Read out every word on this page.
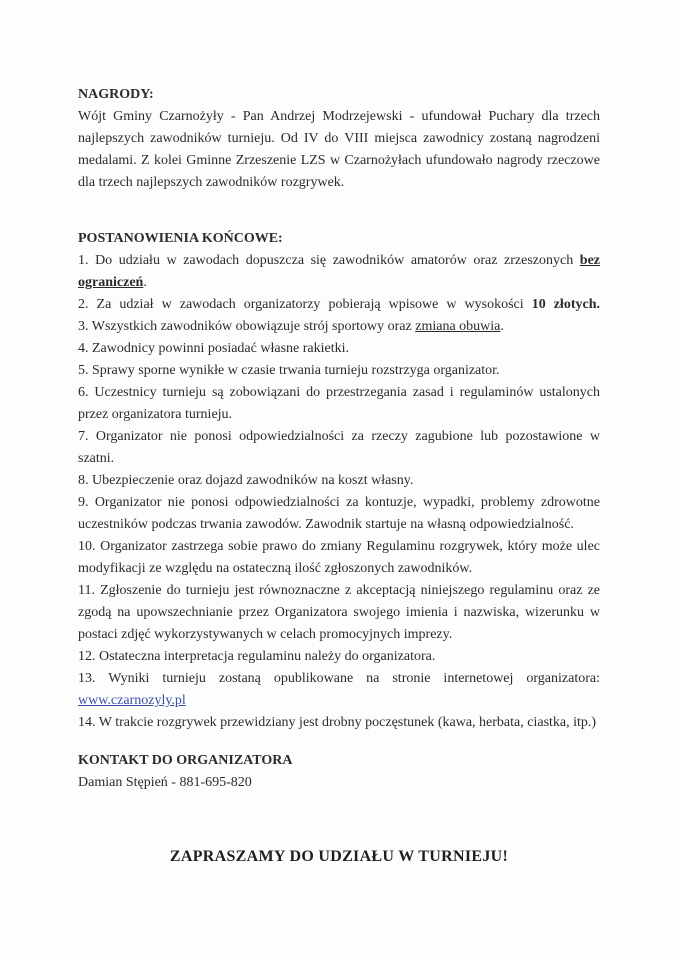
NAGRODY:

Wójt Gminy Czarnożyły - Pan Andrzej Modrzejewski - ufundował Puchary dla trzech najlepszych zawodników turnieju. Od IV do VIII miejsca zawodnicy zostaną nagrodzeni medalami. Z kolei Gminne Zrzeszenie LZS w Czarnożyłach ufundowało nagrody rzeczowe dla trzech najlepszych zawodników rozgrywek.

POSTANOWIENIA KOŃCOWE:

1. Do udziału w zawodach dopuszcza się zawodników amatorów oraz zrzeszonych bez ograniczeń.

2. Za udział w zawodach organizatorzy pobierają wpisowe w wysokości 10 złotych.

3. Wszystkich zawodników obowiązuje strój sportowy oraz zmiana obuwia.

4. Zawodnicy powinni posiadać własne rakietki.

5. Sprawy sporne wynikłe w czasie trwania turnieju rozstrzyga organizator.

6. Uczestnicy turnieju są zobowiązani do przestrzegania zasad i regulaminów ustalonych przez organizatora turnieju.

7. Organizator nie ponosi odpowiedzialności za rzeczy zagubione lub pozostawione w szatni.

8. Ubezpieczenie oraz dojazd zawodników na koszt własny.

9. Organizator nie ponosi odpowiedzialności za kontuzje, wypadki, problemy zdrowotne uczestników podczas trwania zawodów. Zawodnik startuje na własną odpowiedzialność.

10. Organizator zastrzega sobie prawo do zmiany Regulaminu rozgrywek, który może ulec modyfikacji ze względu na ostateczną ilość zgłoszonych zawodników.

11. Zgłoszenie do turnieju jest równoznaczne z akceptacją niniejszego regulaminu oraz ze zgodą na upowszechnianie przez Organizatora swojego imienia i nazwiska, wizerunku w postaci zdjęć wykorzystywanych w celach promocyjnych imprezy.

12. Ostateczna interpretacja regulaminu należy do organizatora.

13. Wyniki turnieju zostaną opublikowane na stronie internetowej organizatora:
www.czarnozyly.pl

14. W trakcie rozgrywek przewidziany jest drobny poczęstunek (kawa, herbata, ciastka, itp.)

KONTAKT DO ORGANIZATORA

Damian Stępień - 881-695-820

ZAPRASZAMY DO UDZIAŁU W TURNIEJU!
